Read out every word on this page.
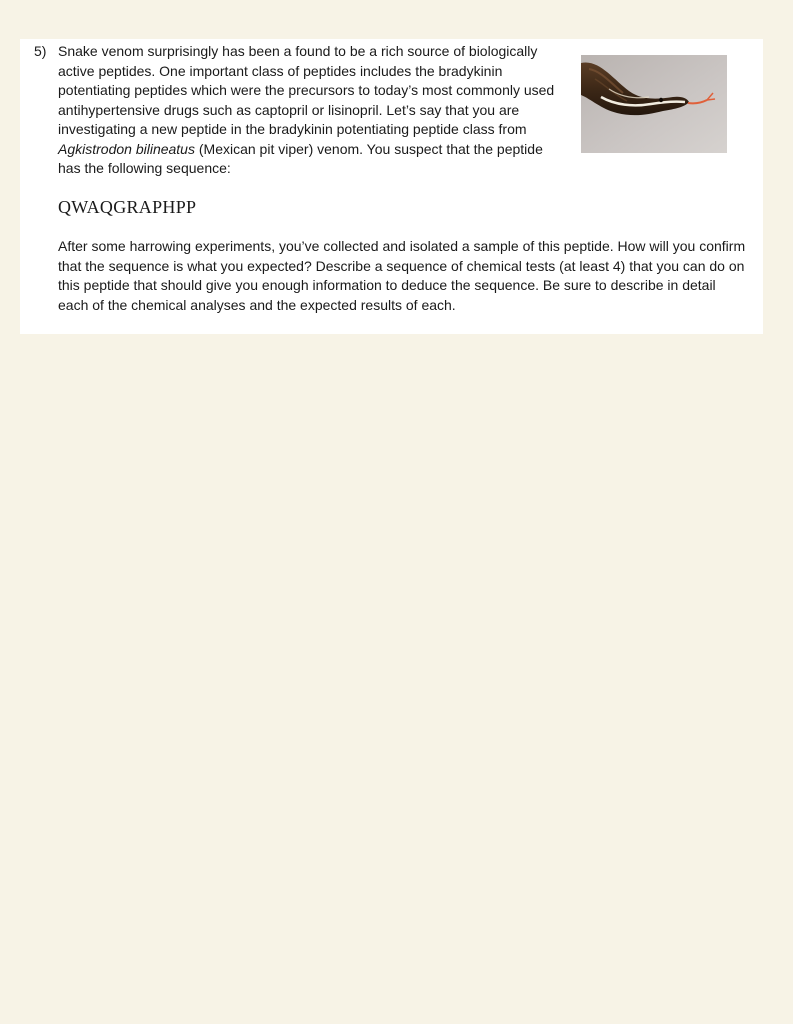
5) Snake venom surprisingly has been a found to be a rich source of biologically active peptides. One important class of peptides includes the bradykinin potentiating peptides which were the precursors to today’s most commonly used antihypertensive drugs such as captopril or lisinopril. Let’s say that you are investigating a new peptide in the bradykinin potentiating peptide class from Agkistrodon bilineatus (Mexican pit viper) venom. You suspect that the peptide has the following sequence:

QWAQGRAPHPP

After some harrowing experiments, you’ve collected and isolated a sample of this peptide. How will you confirm that the sequence is what you expected? Describe a sequence of chemical tests (at least 4) that you can do on this peptide that should give you enough information to deduce the sequence. Be sure to describe in detail each of the chemical analyses and the expected results of each.
